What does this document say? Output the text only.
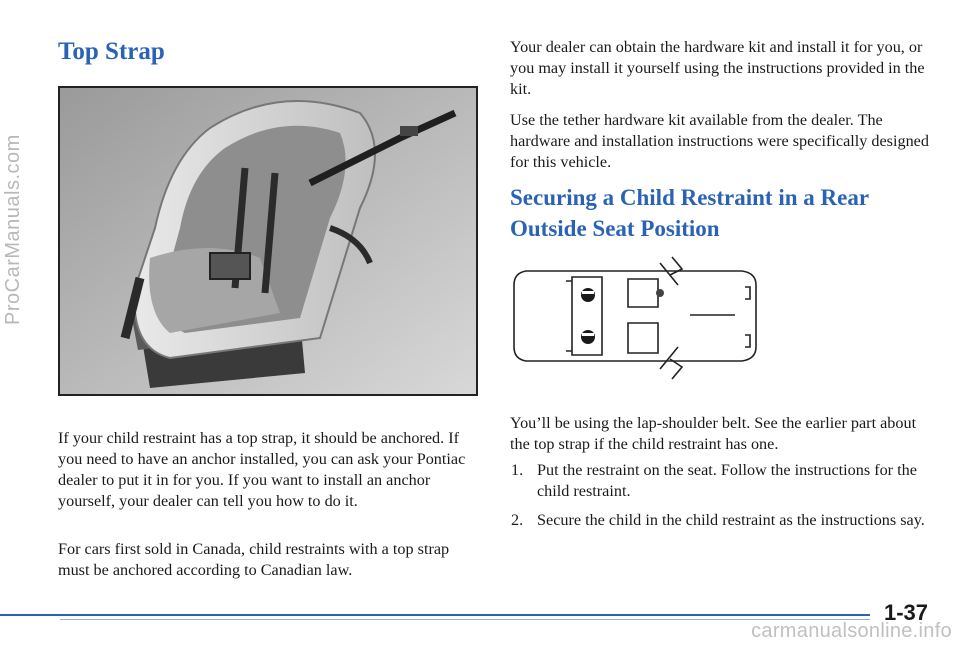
ProCarManuals.com
Top Strap

If your child restraint has a top strap, it should be anchored. If you need to have an anchor installed, you can ask your Pontiac dealer to put it in for you. If you want to install an anchor yourself, your dealer can tell you how to do it.

For cars first sold in Canada, child restraints with a top strap must be anchored according to Canadian law.

Your dealer can obtain the hardware kit and install it for you, or you may install it yourself using the instructions provided in the kit.

Use the tether hardware kit available from the dealer. The hardware and installation instructions were specifically designed for this vehicle.

Securing a Child Restraint in a Rear Outside Seat Position

You’ll be using the lap-shoulder belt. See the earlier part about the top strap if the child restraint has one.

1. Put the restraint on the seat. Follow the instructions for the child restraint.
2. Secure the child in the child restraint as the instructions say.
1-37
carmanualsonline.info
